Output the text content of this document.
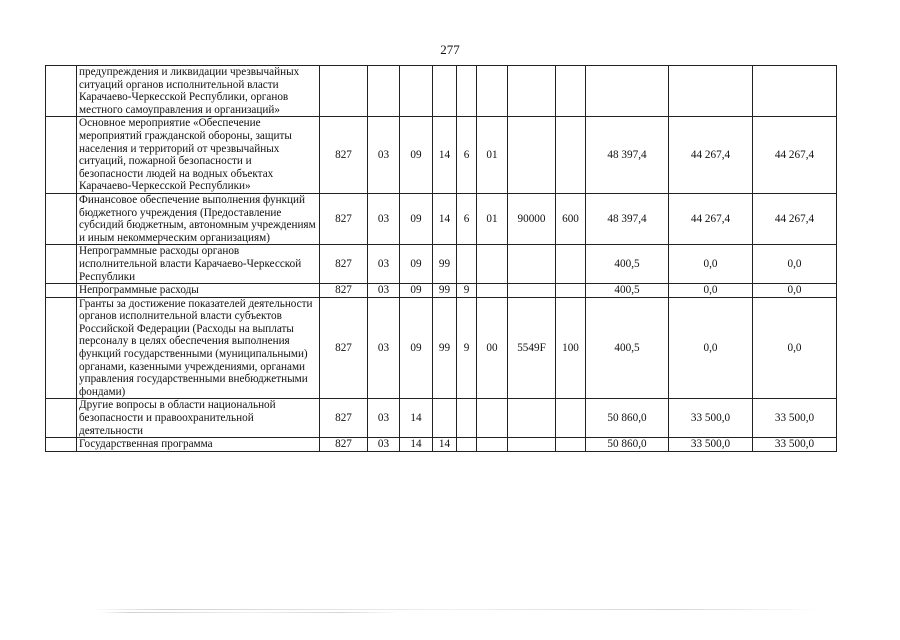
277
	предупреждения и ликвидации чрезвычайных ситуаций органов исполнительной власти Карачаево-Черкесской Республики, органов местного самоуправления и организаций»											
	Основное мероприятие «Обеспечение мероприятий гражданской обороны, защиты населения и территорий от чрезвычайных ситуаций, пожарной безопасности и безопасности людей на водных объектах Карачаево-Черкесской Республики»	827	03	09	14	6	01			48 397,4	44 267,4	44 267,4
	Финансовое обеспечение выполнения функций бюджетного учреждения (Предоставление субсидий бюджетным, автономным учреждениям и иным некоммерческим организациям)	827	03	09	14	6	01	90000	600	48 397,4	44 267,4	44 267,4
	Непрограммные расходы органов исполнительной власти Карачаево-Черкесской Республики	827	03	09	99					400,5	0,0	0,0
	Непрограммные расходы	827	03	09	99	9				400,5	0,0	0,0
	Гранты за достижение показателей деятельности органов исполнительной власти субъектов Российской Федерации (Расходы на выплаты персоналу в целях обеспечения выполнения функций государственными (муниципальными) органами, казенными учреждениями, органами управления государственными внебюджетными фондами)	827	03	09	99	9	00	5549F	100	400,5	0,0	0,0
	Другие вопросы в области национальной безопасности и правоохранительной деятельности	827	03	14						50 860,0	33 500,0	33 500,0
	Государственная программа	827	03	14	14					50 860,0	33 500,0	33 500,0
